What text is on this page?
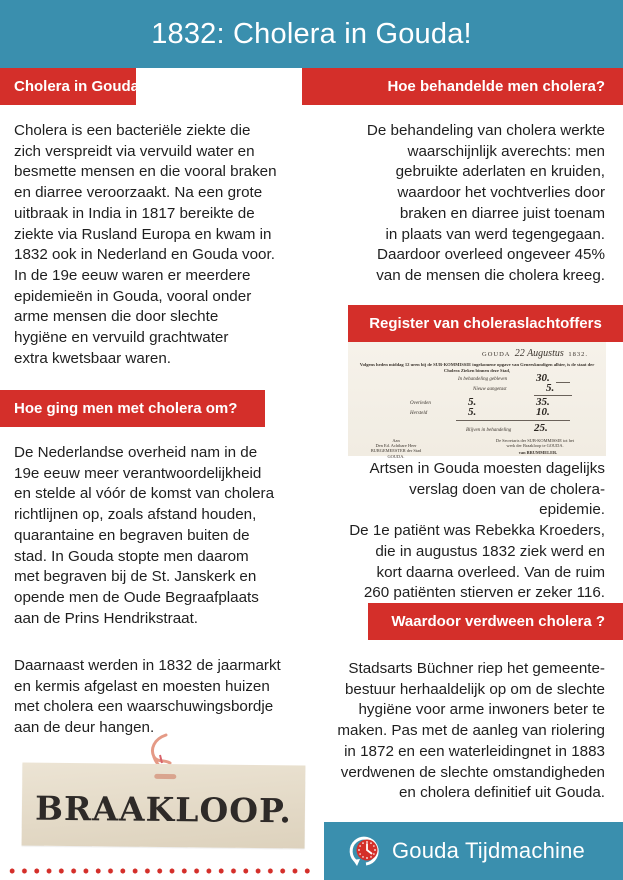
1832: Cholera in Gouda!
Cholera in Gouda	Hoe behandelde men cholera?
Hoe ging men met cholera om?
Register van choleraslachtoffers
Waardoor verdween cholera ?
Cholera is een bacteriële ziekte die
zich verspreidt via vervuild water en
besmette mensen en die vooral braken
en diarree veroorzaakt. Na een grote
uitbraak in India in 1817 bereikte de
ziekte via Rusland Europa en kwam in
1832 ook in Nederland en Gouda voor.
In de 19e eeuw waren er meerdere
epidemieën in Gouda, vooral onder
arme mensen die door slechte
hygiëne en vervuild grachtwater
extra kwetsbaar waren.
De behandeling van cholera werkte
waarschijnlijk averechts: men
gebruikte aderlaten en kruiden,
waardoor het vochtverlies door
braken en diarree juist toenam
in plaats van werd tegengegaan.
Daardoor overleed ongeveer 45%
van de mensen die cholera kreeg.
De Nederlandse overheid nam in de
19e eeuw meer verantwoordelijkheid
en stelde al vóór de komst van cholera
richtlijnen op, zoals afstand houden,
quarantaine en begraven buiten de
stad. In Gouda stopte men daarom
met begraven bij de St. Janskerk en
opende men de Oude Begraafplaats
aan de Prins Hendrikstraat.
Daarnaast werden in 1832 de jaarmarkt
en kermis afgelast en moesten huizen
met cholera een waarschuwingsbordje
aan de deur hangen.
Artsen in Gouda moesten dagelijks
verslag doen van de cholera-epidemie.
De 1e patiënt was Rebekka Kroeders,
die in augustus 1832 ziek werd en
kort daarna overleed. Van de ruim
260 patiënten stierven er zeker 116.
Stadsarts Büchner riep het gemeente-
bestuur herhaaldelijk op om de slechte
hygiëne voor arme inwoners beter te
maken. Pas met de aanleg van riolering
in 1872 en een waterleidingnet in 1883
verdwenen de slechte omstandigheden
en cholera definitief uit Gouda.
GOUDA 22 Augustus 1832.
Volgens heden middag 12 uren bij de SUB-KOMMISSIE ingekomene opgave van Geneeskundigen alhier, is de staat der Cholera Zieken binnen deze Stad,
In behandeling gebleven	30.
Nieuw aangetast	5.
Overleden	5.	35.
Hersteld	5.	10.
Blijven in behandeling 25.
Aan
Den Ed. Achtbare Heer
BURGEMEESTER der Stad
GOUDA.
De Secretaris der SUB-KOMMISSIE tot het
werk der Braakloop te GOUDA.
van BRUMMELER.
BRAAKLOOP.
Gouda Tijdmachine
